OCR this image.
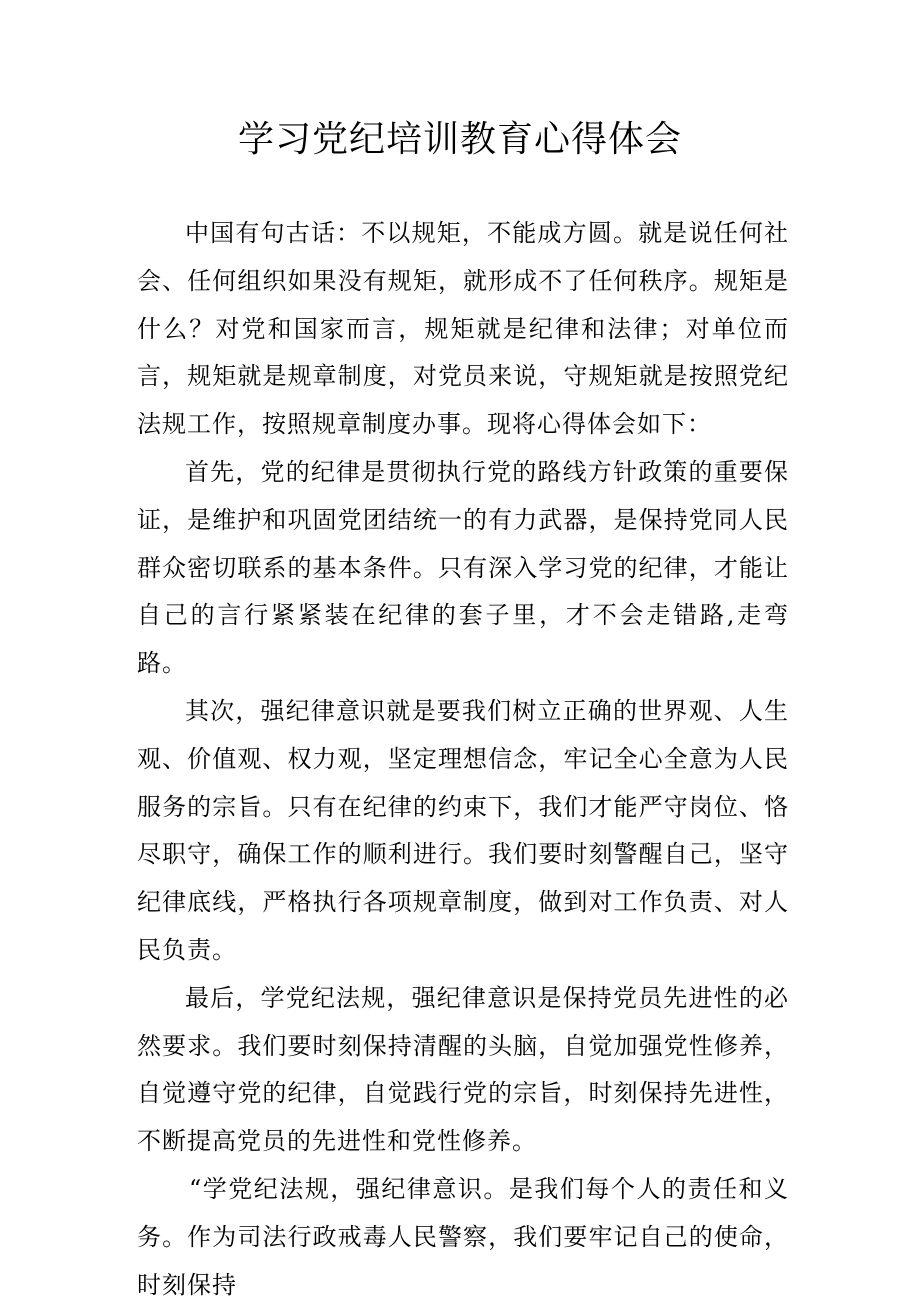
学习党纪培训教育心得体会

中国有句古话：不以规矩，不能成方圆。就是说任何社会、任何组织如果没有规矩，就形成不了任何秩序。规矩是什么？对党和国家而言，规矩就是纪律和法律；对单位而言，规矩就是规章制度，对党员来说，守规矩就是按照党纪法规工作，按照规章制度办事。现将心得体会如下：

首先，党的纪律是贯彻执行党的路线方针政策的重要保证，是维护和巩固党团结统一的有力武器，是保持党同人民群众密切联系的基本条件。只有深入学习党的纪律，才能让自己的言行紧紧装在纪律的套子里，才不会走错路,走弯路。

其次，强纪律意识就是要我们树立正确的世界观、人生观、价值观、权力观，坚定理想信念，牢记全心全意为人民服务的宗旨。只有在纪律的约束下，我们才能严守岗位、恪尽职守，确保工作的顺利进行。我们要时刻警醒自己，坚守纪律底线，严格执行各项规章制度，做到对工作负责、对人民负责。

最后，学党纪法规，强纪律意识是保持党员先进性的必然要求。我们要时刻保持清醒的头脑，自觉加强党性修养，自觉遵守党的纪律，自觉践行党的宗旨，时刻保持先进性，不断提高党员的先进性和党性修养。

“学党纪法规，强纪律意识。是我们每个人的责任和义务。作为司法行政戒毒人民警察，我们要牢记自己的使命，时刻保持
